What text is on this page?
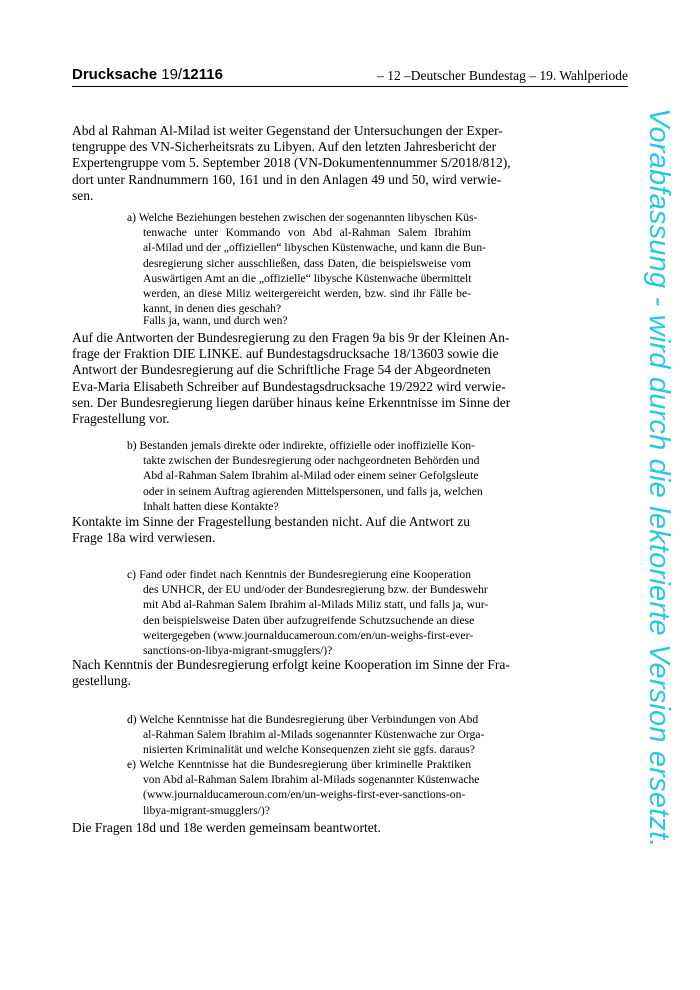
Drucksache 19/12116	– 12 – Deutscher Bundestag – 19. Wahlperiode
Abd al Rahman Al-Milad ist weiter Gegenstand der Untersuchungen der Exper-
tengruppe des VN-Sicherheitsrats zu Libyen. Auf den letzten Jahresbericht der
Expertengruppe vom 5. September 2018 (VN-Dokumentennummer S/2018/812),
dort unter Randnummern 160, 161 und in den Anlagen 49 und 50, wird verwie-
sen.
a) Welche Beziehungen bestehen zwischen der sogenannten libyschen Küs-
tenwache unter Kommando von Abd al-Rahman Salem Ibrahim
al-Milad und der „offiziellen“ libyschen Küstenwache, und kann die Bun-
desregierung sicher ausschließen, dass Daten, die beispielsweise vom
Auswärtigen Amt an die „offizielle“ libysche Küstenwache übermittelt
werden, an diese Miliz weitergereicht werden, bzw. sind ihr Fälle be-
kannt, in denen dies geschah?
Falls ja, wann, und durch wen?
Auf die Antworten der Bundesregierung zu den Fragen 9a bis 9r der Kleinen An-
frage der Fraktion DIE LINKE. auf Bundestagsdrucksache 18/13603 sowie die
Antwort der Bundesregierung auf die Schriftliche Frage 54 der Abgeordneten
Eva-Maria Elisabeth Schreiber auf Bundestagsdrucksache 19/2922 wird verwie-
sen. Der Bundesregierung liegen darüber hinaus keine Erkenntnisse im Sinne der
Fragestellung vor.
b) Bestanden jemals direkte oder indirekte, offizielle oder inoffizielle Kon-
takte zwischen der Bundesregierung oder nachgeordneten Behörden und
Abd al-Rahman Salem Ibrahim al-Milad oder einem seiner Gefolgsleute
oder in seinem Auftrag agierenden Mittelspersonen, und falls ja, welchen
Inhalt hatten diese Kontakte?
Kontakte im Sinne der Fragestellung bestanden nicht. Auf die Antwort zu
Frage 18a wird verwiesen.
c) Fand oder findet nach Kenntnis der Bundesregierung eine Kooperation
des UNHCR, der EU und/oder der Bundesregierung bzw. der Bundeswehr
mit Abd al-Rahman Salem Ibrahim al-Milads Miliz statt, und falls ja, wur-
den beispielsweise Daten über aufzugreifende Schutzsuchende an diese
weitergegeben (www.journalducameroun.com/en/un-weighs-first-ever-
sanctions-on-libya-migrant-smugglers/)?
Nach Kenntnis der Bundesregierung erfolgt keine Kooperation im Sinne der Fra-
gestellung.
d) Welche Kenntnisse hat die Bundesregierung über Verbindungen von Abd
al-Rahman Salem Ibrahim al-Milads sogenannter Küstenwache zur Orga-
nisierten Kriminalität und welche Konsequenzen zieht sie ggfs. daraus?
e) Welche Kenntnisse hat die Bundesregierung über kriminelle Praktiken
von Abd al-Rahman Salem Ibrahim al-Milads sogenannter Küstenwache
(www.journalducameroun.com/en/un-weighs-first-ever-sanctions-on-
libya-migrant-smugglers/)?
Die Fragen 18d und 18e werden gemeinsam beantwortet.	Vorabfassung - wird durch die lektorierte Version ersetzt.
